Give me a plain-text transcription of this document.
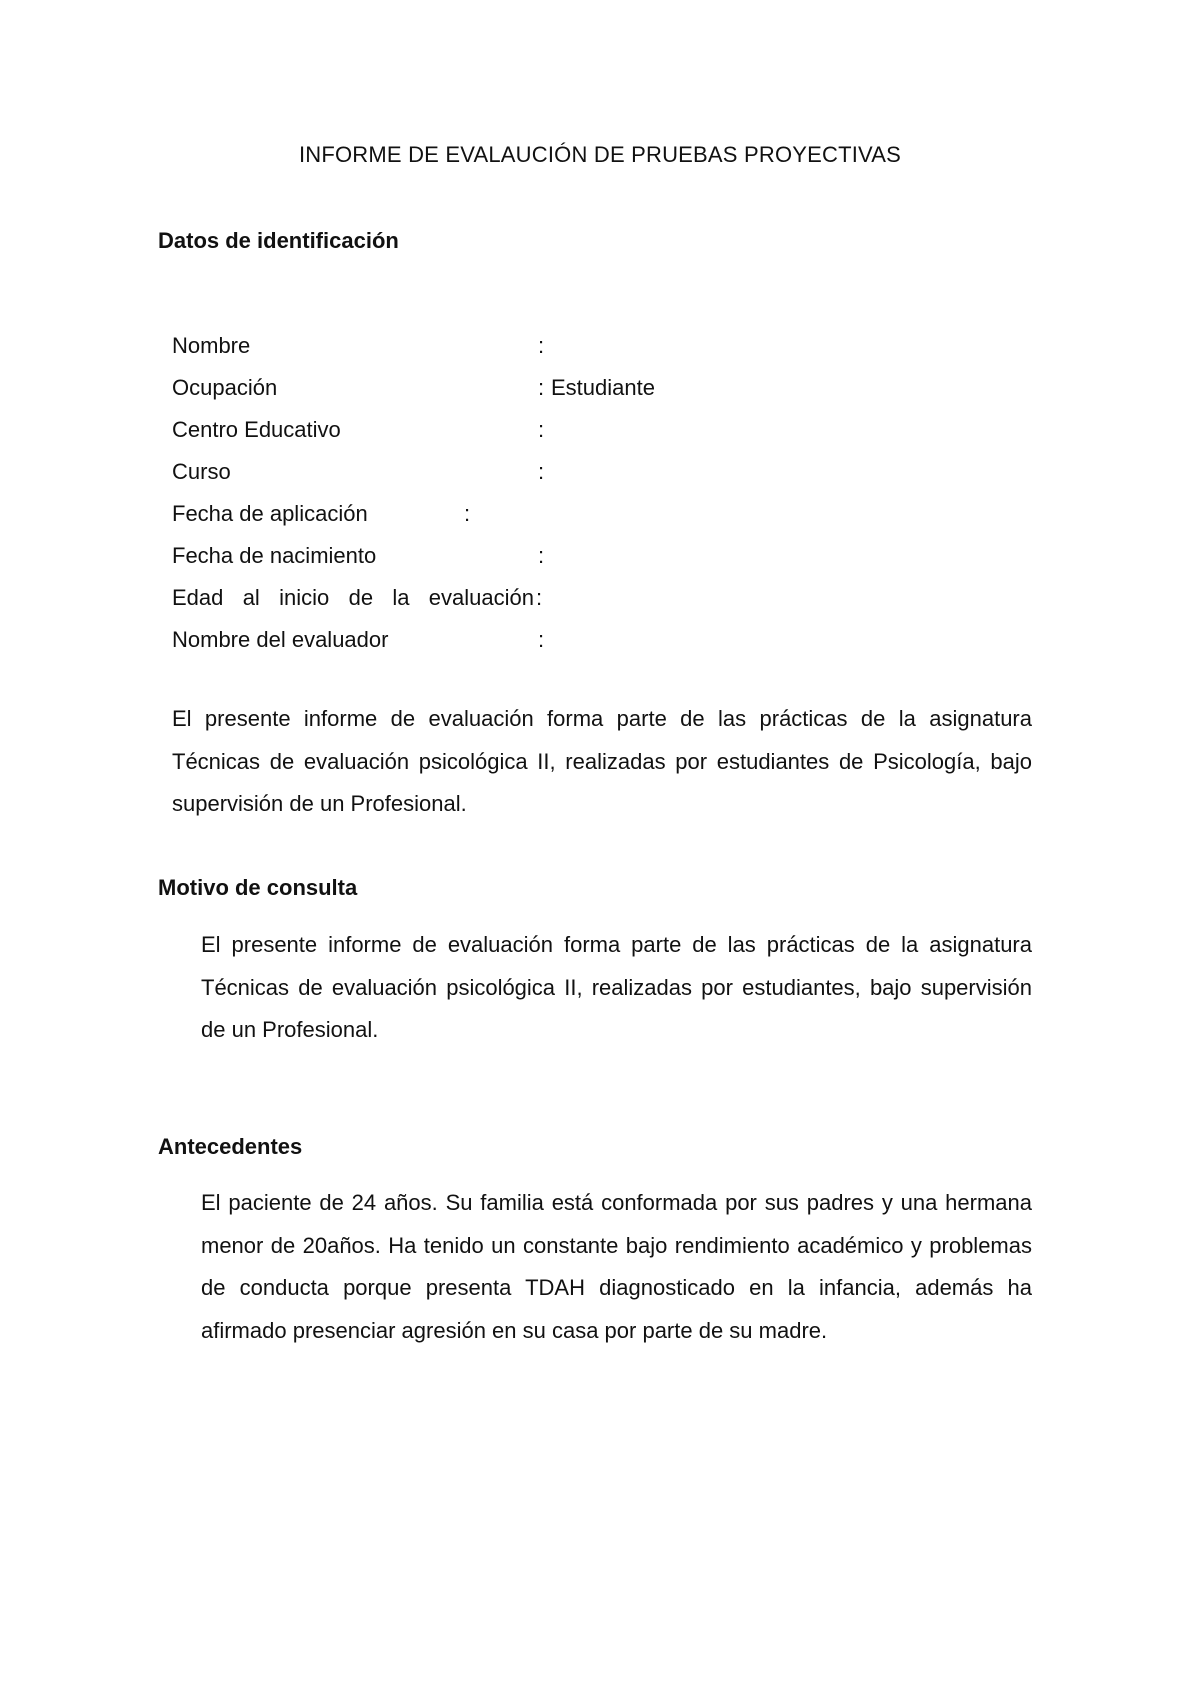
INFORME DE EVALAUCIÓN DE PRUEBAS PROYECTIVAS
Datos de identificación
Nombre	:
Ocupación	: Estudiante
Centro Educativo	:
Curso	:
Fecha de aplicación	:
Fecha de nacimiento	:
Edad al inicio de la evaluación :
Nombre del evaluador	:

El presente informe de evaluación forma parte de las prácticas de la asignatura Técnicas de evaluación psicológica II, realizadas por estudiantes de Psicología, bajo supervisión de un Profesional.

Motivo de consulta

El presente informe de evaluación forma parte de las prácticas de la asignatura Técnicas de evaluación psicológica II, realizadas por estudiantes, bajo supervisión de un Profesional.

Antecedentes

El paciente de 24 años. Su familia está conformada por sus padres y una hermana menor de 20años. Ha tenido un constante bajo rendimiento académico y problemas de conducta porque presenta TDAH diagnosticado en la infancia, además ha afirmado presenciar agresión en su casa por parte de su madre.
